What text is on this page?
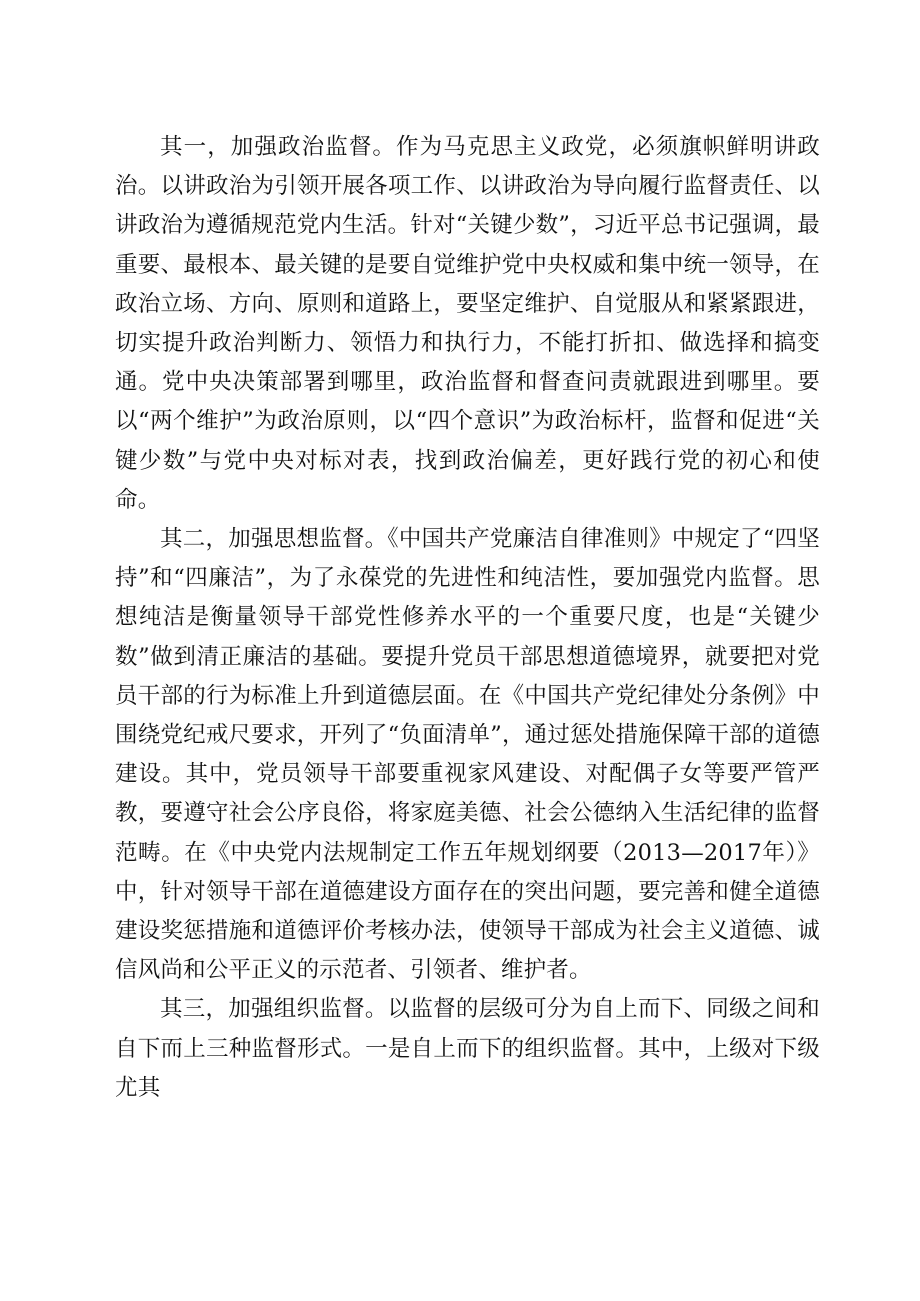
其一，加强政治监督。作为马克思主义政党，必须旗帜鲜明讲政治。以讲政治为引领开展各项工作、以讲政治为导向履行监督责任、以讲政治为遵循规范党内生活。针对“关键少数”，习近平总书记强调，最重要、最根本、最关键的是要自觉维护党中央权威和集中统一领导，在政治立场、方向、原则和道路上，要坚定维护、自觉服从和紧紧跟进，切实提升政治判断力、领悟力和执行力，不能打折扣、做选择和搞变通。党中央决策部署到哪里，政治监督和督查问责就跟进到哪里。要以“两个维护”为政治原则，以“四个意识”为政治标杆，监督和促进“关键少数”与党中央对标对表，找到政治偏差，更好践行党的初心和使命。

其二，加强思想监督。《中国共产党廉洁自律准则》中规定了“四坚持”和“四廉洁”，为了永葆党的先进性和纯洁性，要加强党内监督。思想纯洁是衡量领导干部党性修养水平的一个重要尺度，也是“关键少数”做到清正廉洁的基础。要提升党员干部思想道德境界，就要把对党员干部的行为标准上升到道德层面。在《中国共产党纪律处分条例》中围绕党纪戒尺要求，开列了“负面清单”，通过惩处措施保障干部的道德建设。其中，党员领导干部要重视家风建设、对配偶子女等要严管严教，要遵守社会公序良俗，将家庭美德、社会公德纳入生活纪律的监督范畴。在《中央党内法规制定工作五年规划纲要（2013—2017年）》中，针对领导干部在道德建设方面存在的突出问题，要完善和健全道德建设奖惩措施和道德评价考核办法，使领导干部成为社会主义道德、诚信风尚和公平正义的示范者、引领者、维护者。

其三，加强组织监督。以监督的层级可分为自上而下、同级之间和自下而上三种监督形式。一是自上而下的组织监督。其中，上级对下级尤其
